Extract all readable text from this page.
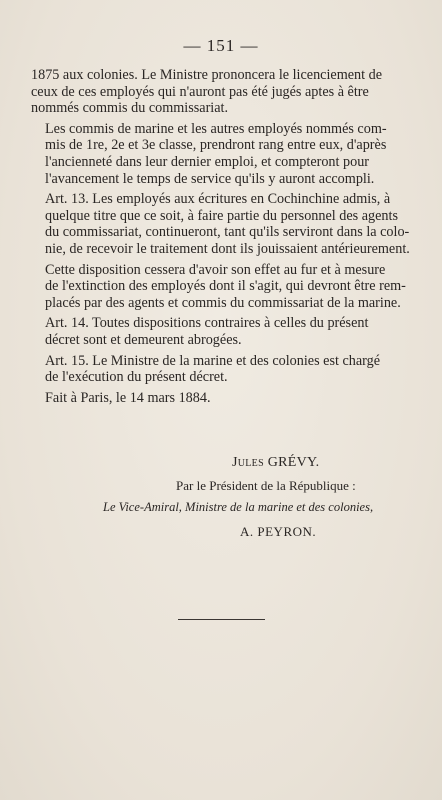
— 151 —

1875 aux colonies. Le Ministre prononcera le licenciement de
ceux de ces employés qui n'auront pas été jugés aptes à être
nommés commis du commissariat.

Les commis de marine et les autres employés nommés com-
mis de 1re, 2e et 3e classe, prendront rang entre eux, d'après
l'ancienneté dans leur dernier emploi, et compteront pour
l'avancement le temps de service qu'ils y auront accompli.

Art. 13. Les employés aux écritures en Cochinchine admis, à
quelque titre que ce soit, à faire partie du personnel des agents
du commissariat, continueront, tant qu'ils serviront dans la colo-
nie, de recevoir le traitement dont ils jouissaient antérieurement.

Cette disposition cessera d'avoir son effet au fur et à mesure
de l'extinction des employés dont il s'agit, qui devront être rem-
placés par des agents et commis du commissariat de la marine.

Art. 14. Toutes dispositions contraires à celles du présent
décret sont et demeurent abrogées.

Art. 15. Le Ministre de la marine et des colonies est chargé
de l'exécution du présent décret.

Fait à Paris, le 14 mars 1884.

Jules GRÉVY.
Par le Président de la République :
Le Vice-Amiral, Ministre de la marine et des colonies,
A. PEYRON.
